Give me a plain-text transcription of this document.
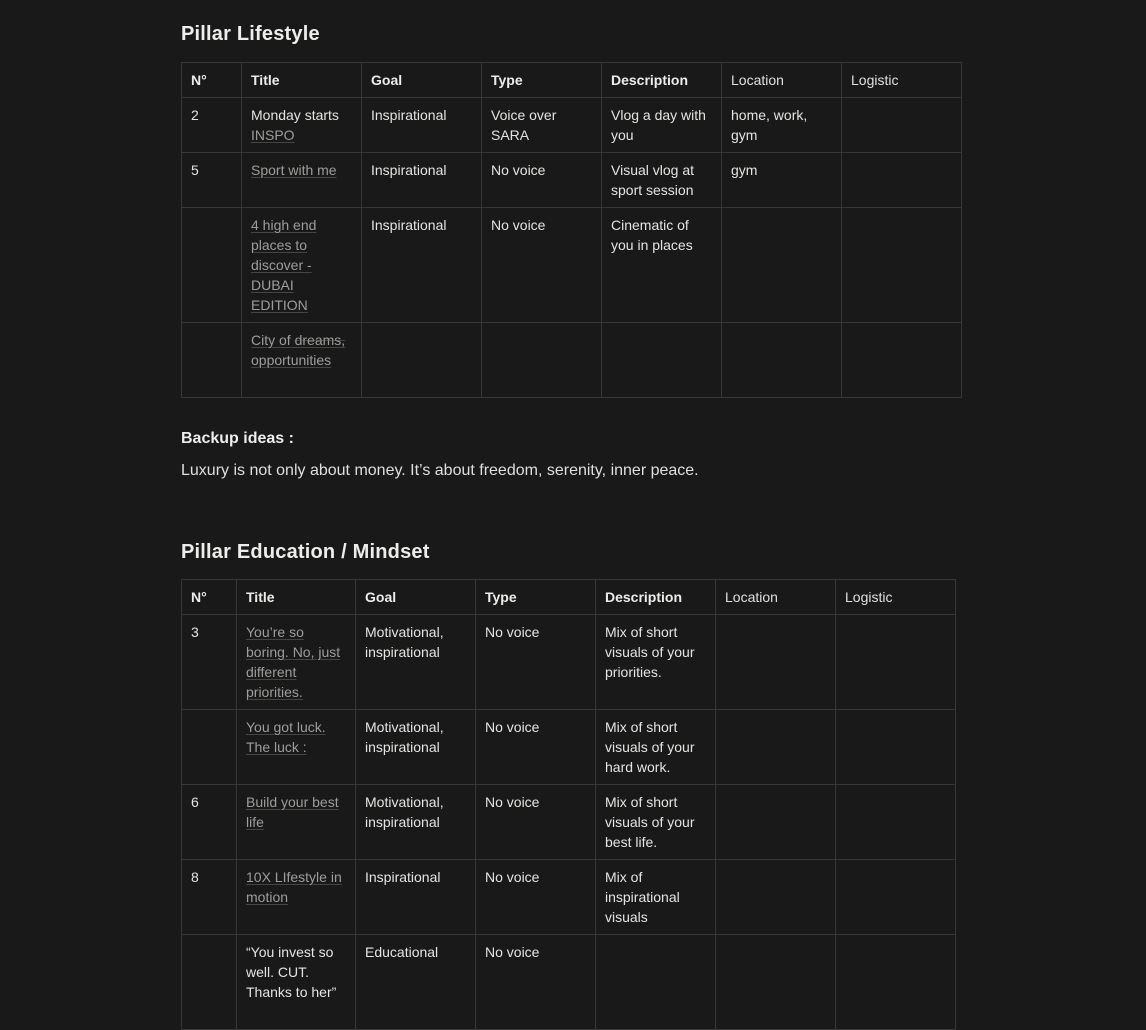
Pillar Lifestyle
N°	Title	Goal	Type	Description	Location	Logistic
2	Monday starts INSPO	Inspirational	Voice over SARA	Vlog a day with you	home, work, gym	
5	Sport with me	Inspirational	No voice	Visual vlog at sport session	gym	
	4 high end places to discover - DUBAI EDITION	Inspirational	No voice	Cinematic of you in places		
	City of dreams, opportunities					

Backup ideas :

Luxury is not only about money. It’s about freedom, serenity, inner peace.

Pillar Education / Mindset
N°	Title	Goal	Type	Description	Location	Logistic
3	You’re so boring. No, just different priorities.	Motivational, inspirational	No voice	Mix of short visuals of your priorities.		
	You got luck. The luck :	Motivational, inspirational	No voice	Mix of short visuals of your hard work.		
6	Build your best life	Motivational, inspirational	No voice	Mix of short visuals of your best life.		
8	10X LIfestyle in motion	Inspirational	No voice	Mix of inspirational visuals		
	“You invest so well. CUT. Thanks to her”	Educational	No voice			
